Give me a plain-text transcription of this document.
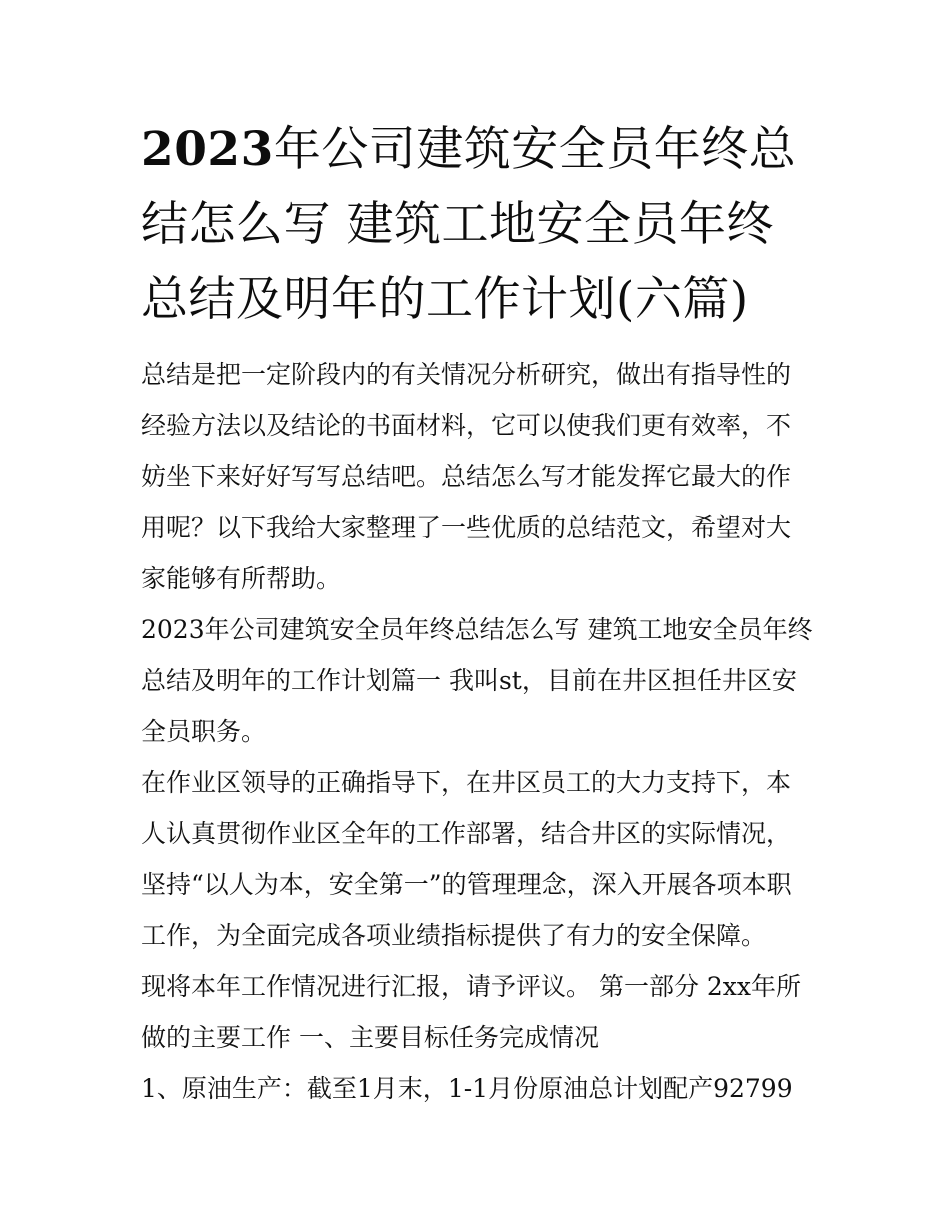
2023年公司建筑安全员年终总结怎么写 建筑工地安全员年终总结及明年的工作计划(六篇)

总结是把一定阶段内的有关情况分析研究，做出有指导性的经验方法以及结论的书面材料，它可以使我们更有效率，不妨坐下来好好写写总结吧。总结怎么写才能发挥它最大的作用呢？以下我给大家整理了一些优质的总结范文，希望对大家能够有所帮助。

2023年公司建筑安全员年终总结怎么写 建筑工地安全员年终总结及明年的工作计划篇一 我叫st，目前在井区担任井区安全员职务。

在作业区领导的正确指导下，在井区员工的大力支持下，本人认真贯彻作业区全年的工作部署，结合井区的实际情况，坚持“以人为本，安全第一”的管理理念，深入开展各项本职工作，为全面完成各项业绩指标提供了有力的安全保障。

现将本年工作情况进行汇报，请予评议。 第一部分 2xx年所做的主要工作 一、主要目标任务完成情况

1、原油生产：截至1月末，1-1月份原油总计划配产92799
